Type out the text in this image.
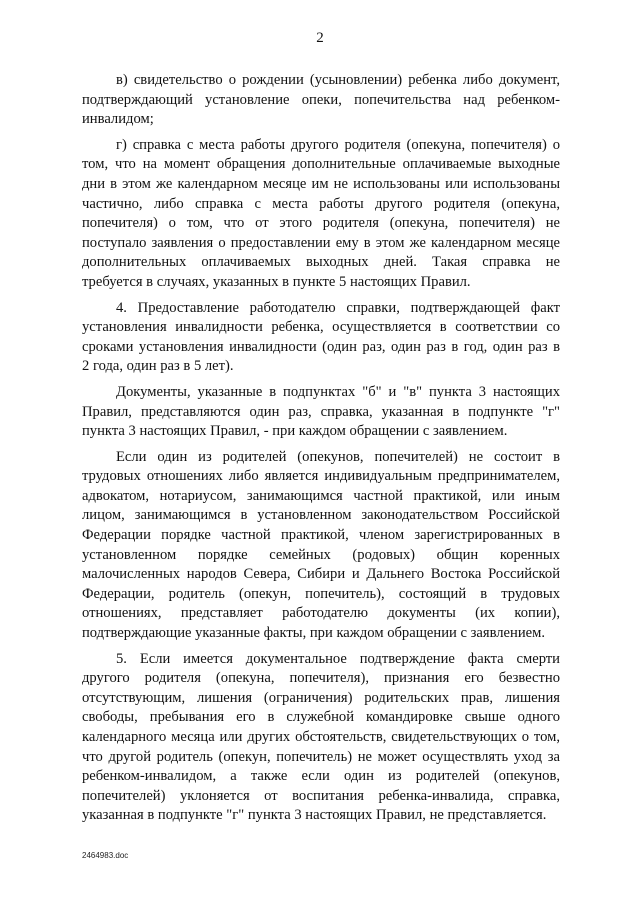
2

в) свидетельство о рождении (усыновлении) ребенка либо документ,
подтверждающий установление опеки, попечительства над ребенком-
инвалидом;

г) справка с места работы другого родителя (опекуна, попечителя) о
том, что на момент обращения дополнительные оплачиваемые выходные
дни в этом же календарном месяце им не использованы или использованы
частично, либо справка с места работы другого родителя (опекуна,
попечителя) о том, что от этого родителя (опекуна, попечителя) не
поступало заявления о предоставлении ему в этом же календарном месяце
дополнительных оплачиваемых выходных дней. Такая справка не
требуется в случаях, указанных в пункте 5 настоящих Правил.

4. Предоставление работодателю справки, подтверждающей факт
установления инвалидности ребенка, осуществляется в соответствии со
сроками установления инвалидности (один раз, один раз в год, один раз в
2 года, один раз в 5 лет).

Документы, указанные в подпунктах "б" и "в" пункта 3 настоящих
Правил, представляются один раз, справка, указанная в подпункте "г"
пункта 3 настоящих Правил, - при каждом обращении с заявлением.

Если один из родителей (опекунов, попечителей) не состоит в
трудовых отношениях либо является индивидуальным предпринимателем,
адвокатом, нотариусом, занимающимся частной практикой, или иным
лицом, занимающимся в установленном законодательством Российской
Федерации порядке частной практикой, членом зарегистрированных в
установленном порядке семейных (родовых) общин коренных
малочисленных народов Севера, Сибири и Дальнего Востока Российской
Федерации, родитель (опекун, попечитель), состоящий в трудовых
отношениях, представляет работодателю документы (их копии),
подтверждающие указанные факты, при каждом обращении с заявлением.

5. Если имеется документальное подтверждение факта смерти
другого родителя (опекуна, попечителя), признания его безвестно
отсутствующим, лишения (ограничения) родительских прав, лишения
свободы, пребывания его в служебной командировке свыше одного
календарного месяца или других обстоятельств, свидетельствующих о том,
что другой родитель (опекун, попечитель) не может осуществлять уход за
ребенком-инвалидом, а также если один из родителей (опекунов,
попечителей) уклоняется от воспитания ребенка-инвалида, справка,
указанная в подпункте "г" пункта 3 настоящих Правил, не представляется.

2464983.doc
